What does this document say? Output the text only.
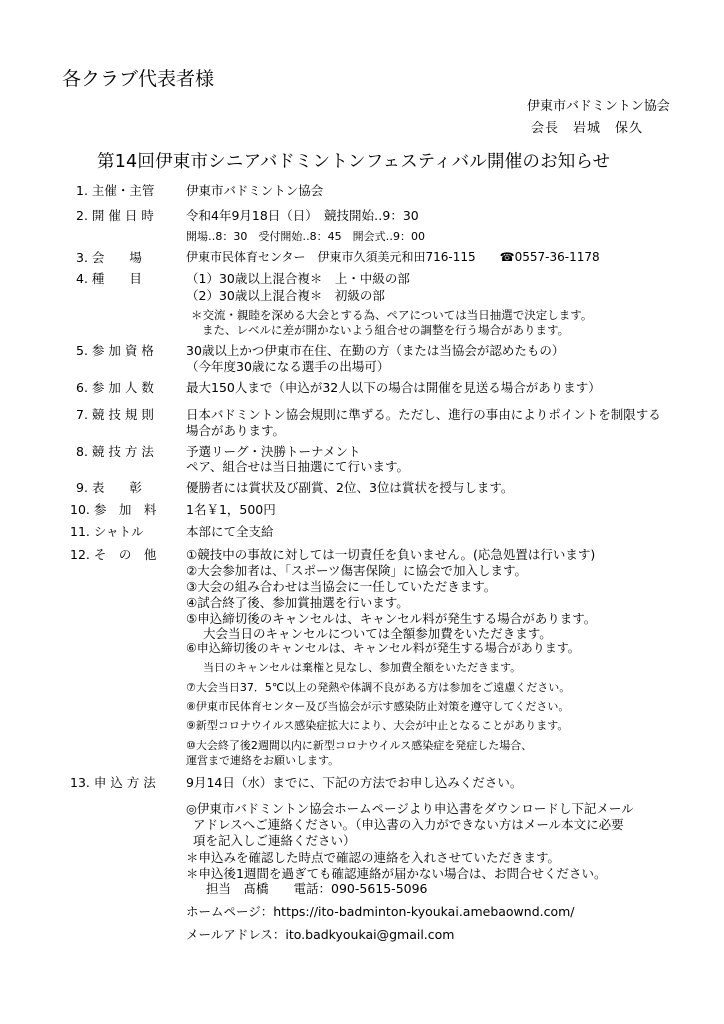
各クラブ代表者様
伊東市バドミントン協会
会長　岩城　保久
第14回伊東市シニアバドミントンフェスティバル開催のお知らせ
1. 主催・主管	伊東市バドミントン協会
2. 開 催 日 時	令和4年9月18日（日）　競技開始‥9：30
開場‥8：30　受付開始‥8：45　開会式‥9：00
3. 会　　場	伊東市民体育センター　伊東市久須美元和田716-115　　☎0557-36-1178
4. 種　　目	（1）30歳以上混合複＊　上・中級の部
（2）30歳以上混合複＊　初級の部
＊交流・親睦を深める大会とする為、ペアについては当日抽選で決定します。
また、レベルに差が開かないよう組合せの調整を行う場合があります。
5. 参 加 資 格	30歳以上かつ伊東市在住、在勤の方（または当協会が認めたもの）
（今年度30歳になる選手の出場可）
6. 参 加 人 数	最大150人まで（申込が32人以下の場合は開催を見送る場合があります）
7. 競 技 規 則	日本バドミントン協会規則に準ずる。ただし、進行の事由によりポイントを制限する
場合があります。
8. 競 技 方 法	予選リーグ・決勝トーナメント
ペア、組合せは当日抽選にて行います。
9. 表　　彰	優勝者には賞状及び副賞、2位、3位は賞状を授与します。
10. 参　加　料 1名￥1，500円
11. シャトル	本部にて全支給
12. そ　の　他 ①競技中の事故に対しては一切責任を負いません。(応急処置は行います)
②大会参加者は、「スポーツ傷害保険」に協会で加入します。
③大会の組み合わせは当協会に一任していただきます。
④試合終了後、参加賞抽選を行います。
⑤申込締切後のキャンセルは、キャンセル料が発生する場合があります。
大会当日のキャンセルについては全額参加費をいただきます。
⑥申込締切後のキャンセルは、キャンセル料が発生する場合があります。
当日のキャンセルは棄権と見なし、参加費全額をいただきます。
⑦大会当日37．5℃以上の発熱や体調不良がある方は参加をご遠慮ください。
⑧伊東市民体育センター及び当協会が示す感染防止対策を遵守してください。
⑨新型コロナウイルス感染症拡大により、大会が中止となることがあります。
⑩大会終了後2週間以内に新型コロナウイルス感染症を発症した場合、
運営まで連絡をお願いします。
13. 申 込 方 法 9月14日（水）までに、下記の方法でお申し込みください。
◎伊東市バドミントン協会ホームページより申込書をダウンロードし下記メール
アドレスへご連絡ください。（申込書の入力ができない方はメール本文に必要
項を記入しご連絡ください）
＊申込みを確認した時点で確認の連絡を入れさせていただきます。
＊申込後1週間を過ぎても確認連絡が届かない場合は、お問合せください。
担当　髙橋　　電話：090-5615-5096
ホームページ：https://ito-badminton-kyoukai.amebaownd.com/
メールアドレス：ito.badkyoukai@gmail.com
